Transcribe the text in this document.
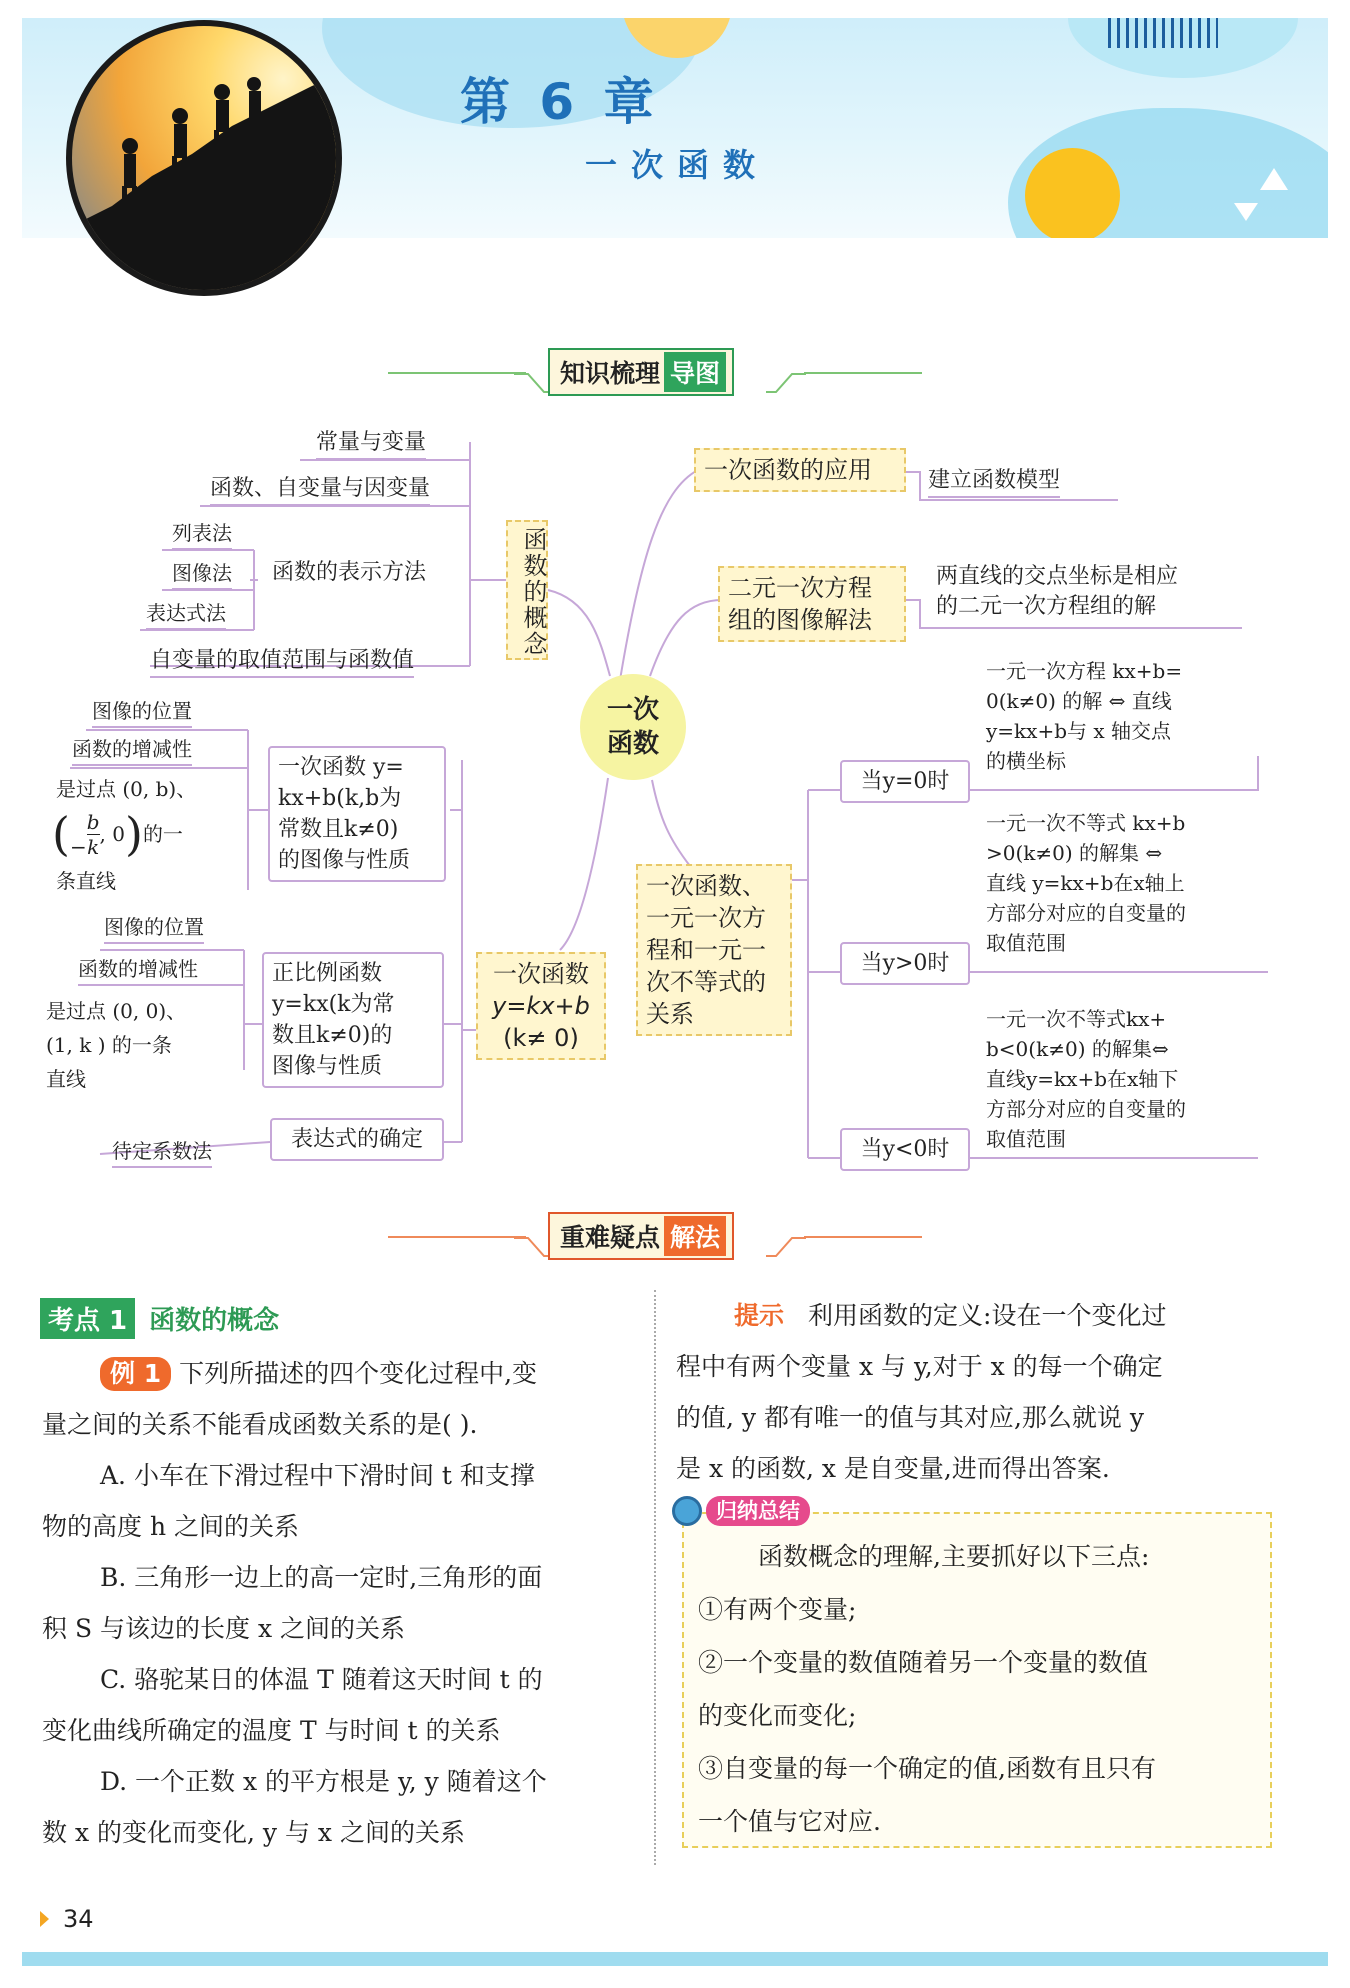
第 6 章
一次函数
知识梳理 导图
一次
函数
函数的概念
常量与变量
函数、自变量与因变量
列表法
图像法 函数的表示方法
表达式法
自变量的取值范围与函数值
图像的位置
函数的增减性
是过点 (0, b)、
(− $\frac{b}{k}$ , 0)的一
条直线
一次函数 y=
kx+b(k,b为
常数且k≠0)
的图像与性质
图像的位置
函数的增减性
是过点 (0, 0)、
(1, k ) 的一条
直线
正比例函数
y=kx(k为常
数且k≠0)的
图像与性质
表达式的确定
待定系数法
一次函数
y=kx+b
(k≠ 0)
一次函数的应用	建立函数模型
二元一次方程
组的图像解法
两直线的交点坐标是相应
的二元一次方程组的解
一次函数、
一元一次方
程和一元一
次不等式的
关系
当y=0时
当y>0时
当y<0时
一元一次方程 kx+b=
0(k≠0) 的解 ⇔ 直线
y=kx+b与 x 轴交点
的横坐标
一元一次不等式 kx+b
>0(k≠0) 的解集 ⇔
直线 y=kx+b在x轴上
方部分对应的自变量的
取值范围
一元一次不等式kx+
b<0(k≠0) 的解集⇔
直线y=kx+b在x轴下
方部分对应的自变量的
取值范围
重难疑点 解法
考点 1 函数的概念
例 1 下列所描述的四个变化过程中,变
量之间的关系不能看成函数关系的是( ).
A. 小车在下滑过程中下滑时间 t 和支撑
物的高度 h 之间的关系
B. 三角形一边上的高一定时,三角形的面
积 S 与该边的长度 x 之间的关系
C. 骆驼某日的体温 T 随着这天时间 t 的
变化曲线所确定的温度 T 与时间 t 的关系
D. 一个正数 x 的平方根是 y, y 随着这个
数 x 的变化而变化, y 与 x 之间的关系
提示 利用函数的定义:设在一个变化过
程中有两个变量 x 与 y,对于 x 的每一个确定
的值, y 都有唯一的值与其对应,那么就说 y
是 x 的函数, x 是自变量,进而得出答案.
归纳总结
函数概念的理解,主要抓好以下三点:
①有两个变量;
②一个变量的数值随着另一个变量的数值
的变化而变化;
③自变量的每一个确定的值,函数有且只有
一个值与它对应.
34
